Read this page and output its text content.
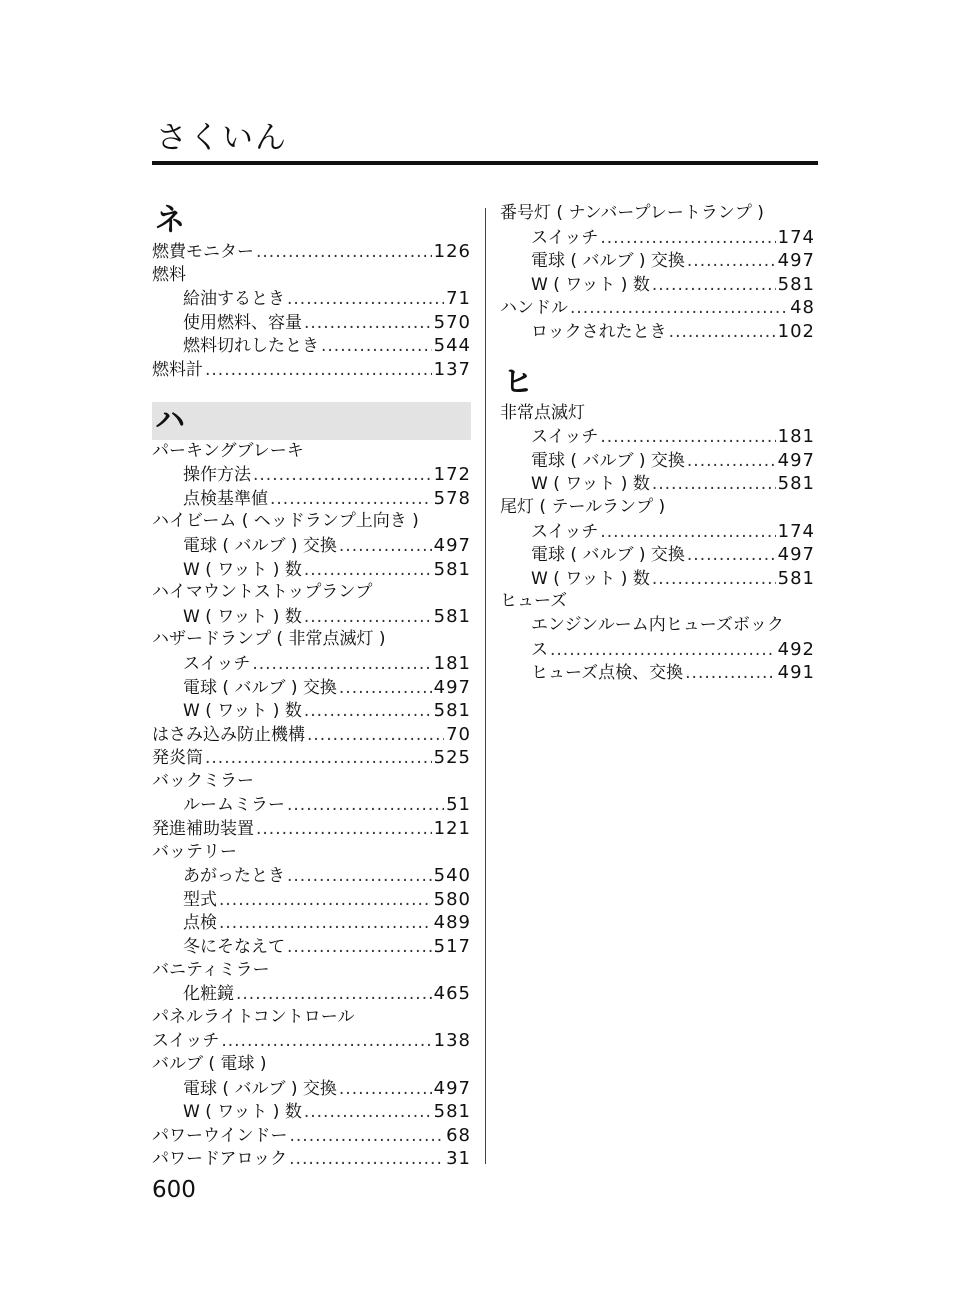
さくいん
ネ
燃費モニター .....	126
燃料
給油するとき .....	71
使用燃料、容量 .....	570
燃料切れしたとき .....	544
燃料計 .....	137
ハ
パーキングブレーキ
操作方法 .....	172
点検基準値 .....	578
ハイビーム ( ヘッドランプ上向き )
電球 ( バルブ ) 交換 .....	497
W ( ワット ) 数 .....	581
ハイマウントストップランプ
W ( ワット ) 数 .....	581
ハザードランプ ( 非常点滅灯 )
スイッチ .....	181
電球 ( バルブ ) 交換 .....	497
W ( ワット ) 数 .....	581
はさみ込み防止機構 .....	70
発炎筒 .....	525
バックミラー
ルームミラー .....	51
発進補助装置 .....	121
バッテリー
あがったとき .....	540
型式 .....	580
点検 .....	489
冬にそなえて .....	517
バニティミラー
化粧鏡 .....	465
パネルライトコントロール
スイッチ .....	138
バルブ ( 電球 )
電球 ( バルブ ) 交換 .....	497
W ( ワット ) 数 .....	581
パワーウインドー .....	68
パワードアロック .....	31
番号灯 ( ナンバープレートランプ )
スイッチ .....	174
電球 ( バルブ ) 交換 .....	497
W ( ワット ) 数 .....	581
ハンドル .....	48
ロックされたとき .....	102
ヒ
非常点滅灯
スイッチ .....	181
電球 ( バルブ ) 交換 .....	497
W ( ワット ) 数 .....	581
尾灯 ( テールランプ )
スイッチ .....	174
電球 ( バルブ ) 交換 .....	497
W ( ワット ) 数 .....	581
ヒューズ
エンジンルーム内ヒューズボック
ス .....	492
ヒューズ点検、交換 .....	491
600
